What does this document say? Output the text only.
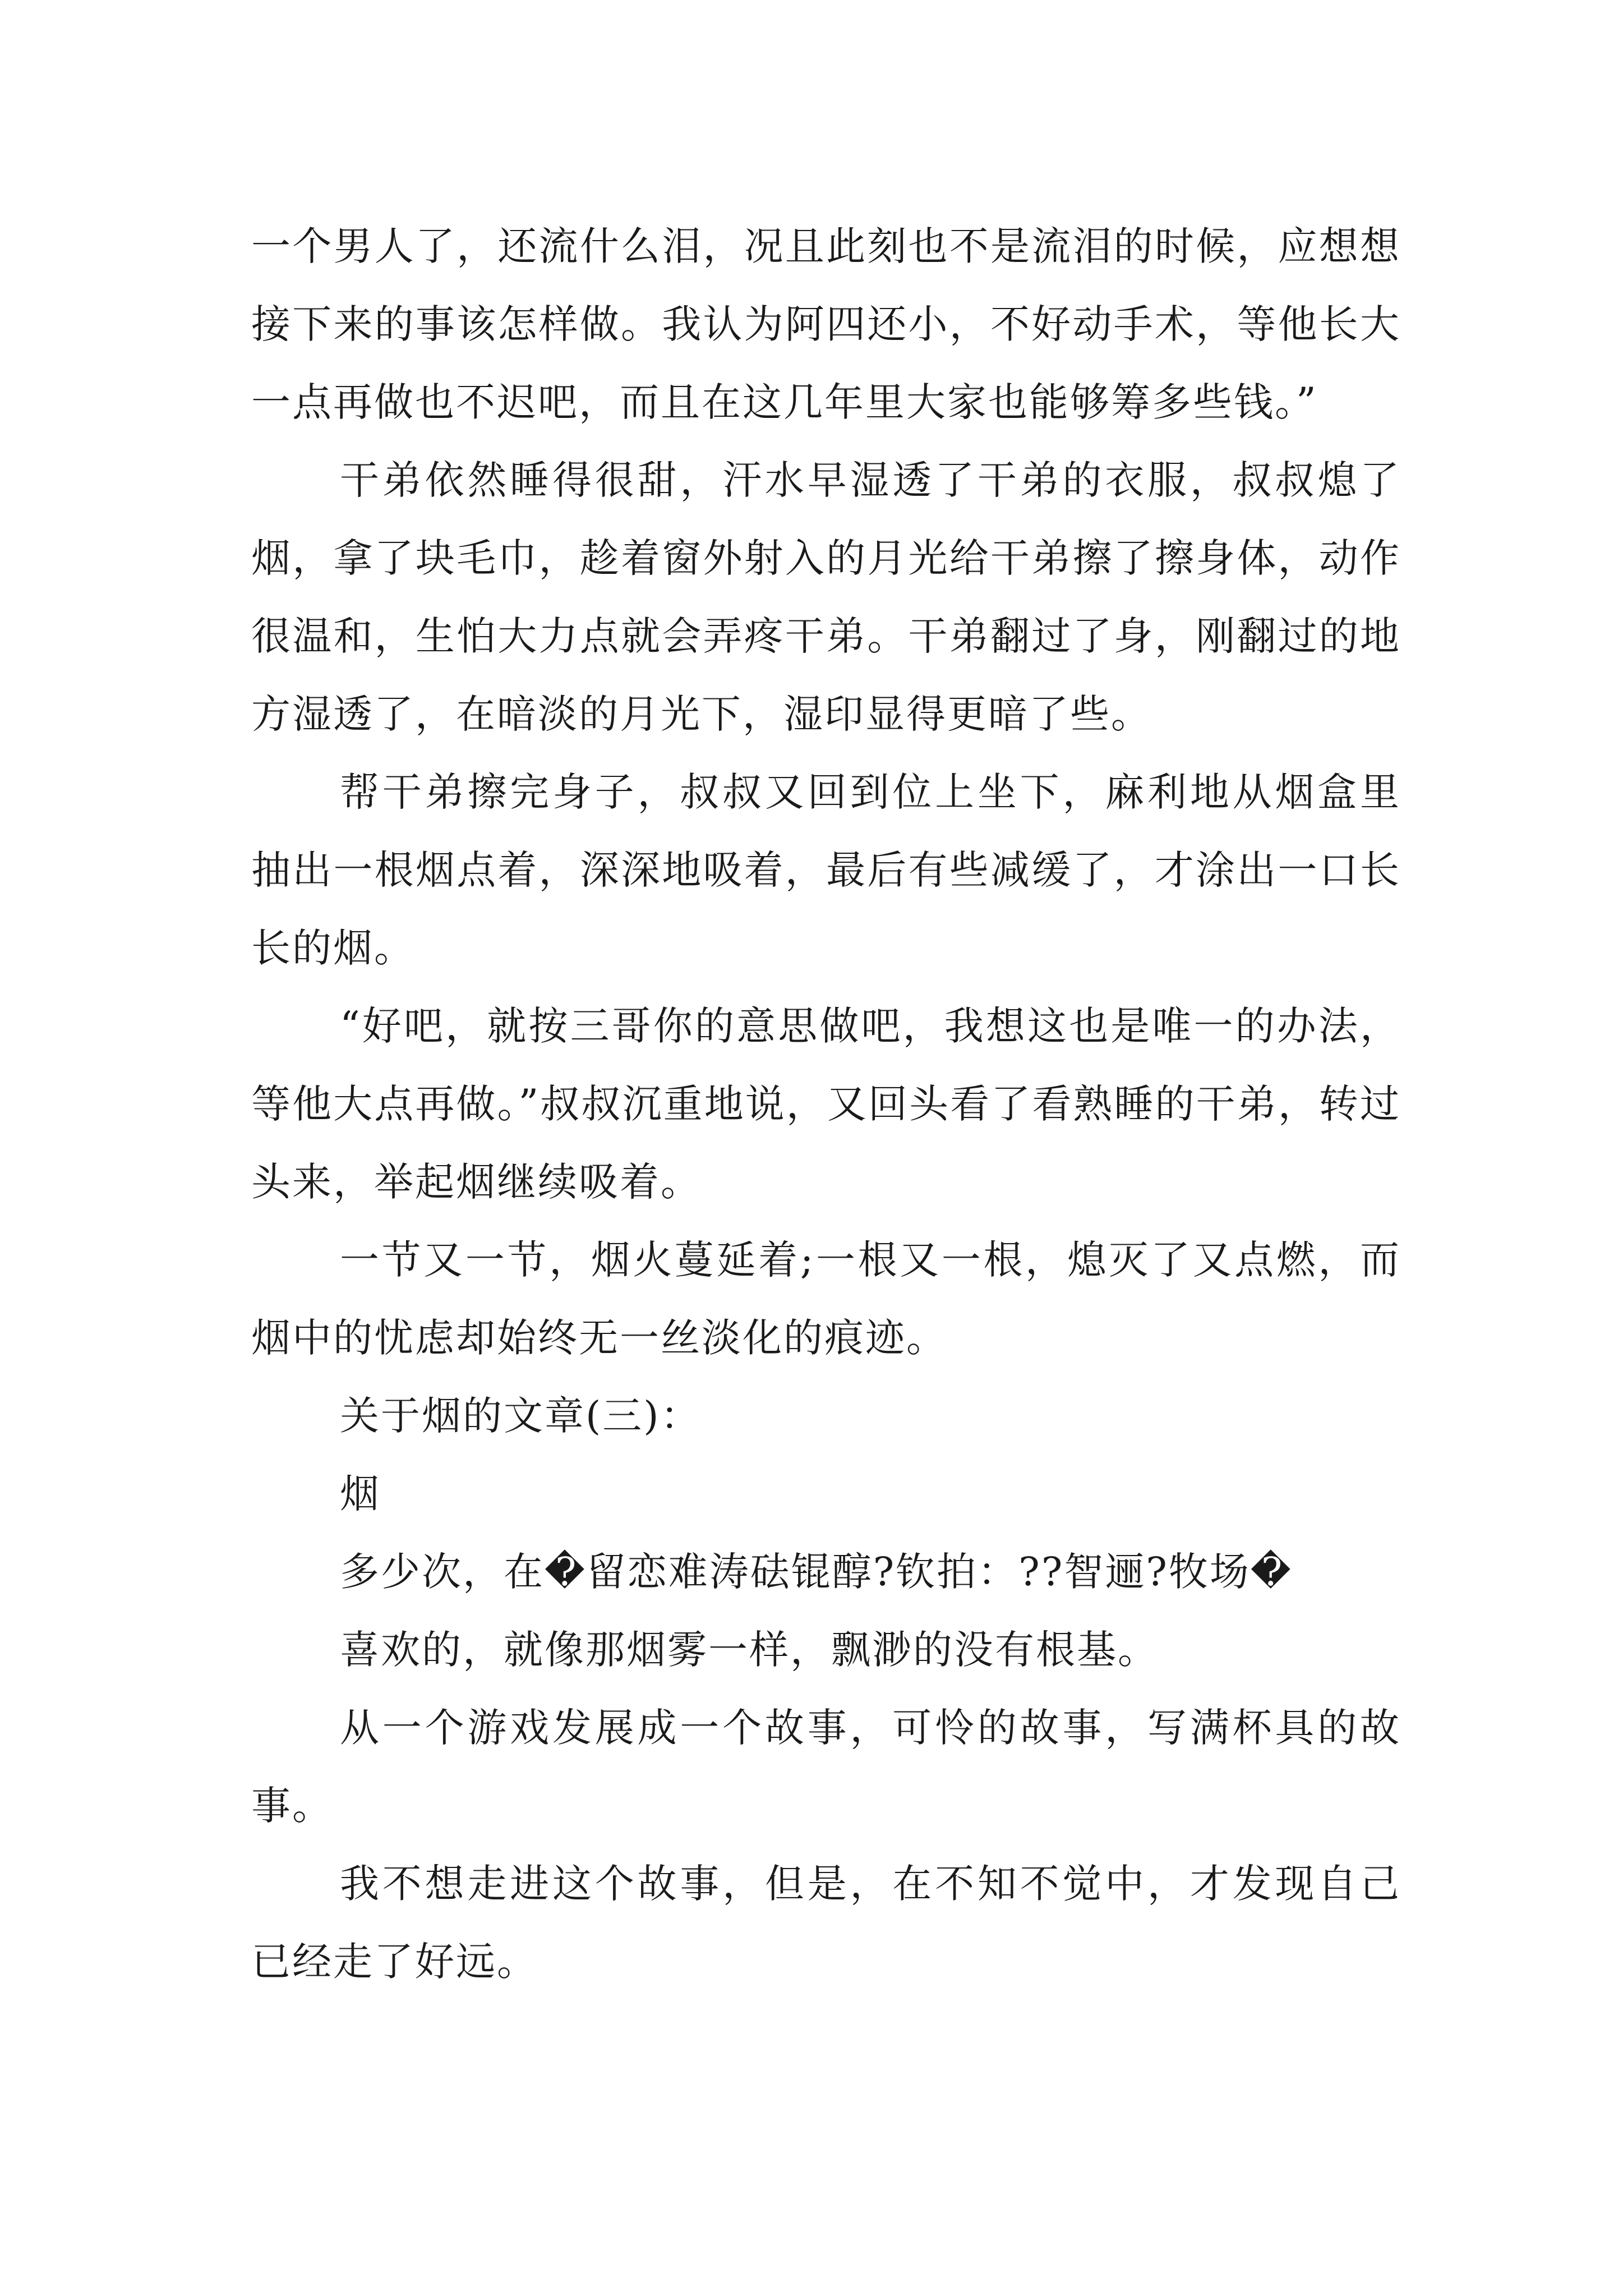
一个男人了，还流什么泪，况且此刻也不是流泪的时候，应想想接下来的事该怎样做。我认为阿四还小，不好动手术，等他长大一点再做也不迟吧，而且在这几年里大家也能够筹多些钱。”

干弟依然睡得很甜，汗水早湿透了干弟的衣服，叔叔熄了烟，拿了块毛巾，趁着窗外射入的月光给干弟擦了擦身体，动作很温和，生怕大力点就会弄疼干弟。干弟翻过了身，刚翻过的地方湿透了，在暗淡的月光下，湿印显得更暗了些。

帮干弟擦完身子，叔叔又回到位上坐下，麻利地从烟盒里抽出一根烟点着，深深地吸着，最后有些减缓了，才涂出一口长长的烟。

“好吧，就按三哥你的意思做吧，我想这也是唯一的办法，等他大点再做。”叔叔沉重地说，又回头看了看熟睡的干弟，转过头来，举起烟继续吸着。

一节又一节，烟火蔓延着;一根又一根，熄灭了又点燃，而烟中的忧虑却始终无一丝淡化的痕迹。

关于烟的文章(三)：

烟

多少次，在�留恋难涛砝锟醇?钦拍：??智逦?牧场�

喜欢的，就像那烟雾一样，飘渺的没有根基。

从一个游戏发展成一个故事，可怜的故事，写满杯具的故事。

我不想走进这个故事，但是，在不知不觉中，才发现自己已经走了好远。
